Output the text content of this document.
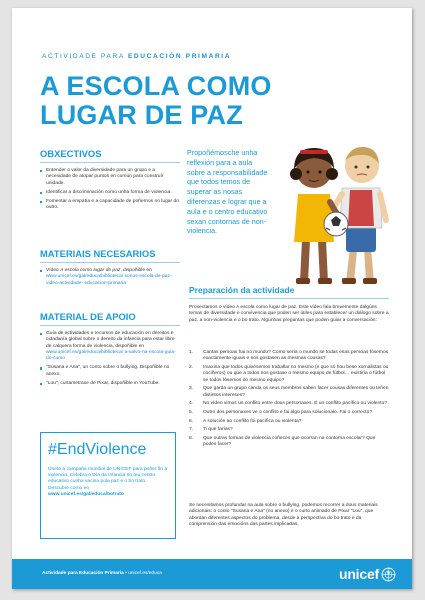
ACTIVIDADE PARA EDUCACIÓN PRIMARIA
A ESCOLA COMO
LUGAR DE PAZ
OBXECTIVOS
Entender o valor da diversidade para un grupo e a necesidade de atopar puntos en común para construír unidade.
Identificar a discriminación como unha forma de violencia.
Fomentar a empatía e a capacidade de poñernos no lugar do outro.
MATERIAIS NECESARIOS
Vídeo A escola como lugar de paz, dispoñible en www.unicef.es/gal/educa/biblioteca/ sonos-escola-de-paz-video-actividade- educacion-primaria
MATERIAL DE APOIO
Guía de actividades e recursos de educación en dereitos e cidadanía global sobre o dereito da infancia para estar libre de calquera forma de violencia, dispoñible en www.unicef.es/gal/educa/biblioteca/ a-salvo-na-escola-guia-do-curso
"Susana e Ana", un conto sobre o bullying. Dispoñible no anexo.
"Lou", curtametraxe de Pixar, dispoñible in YouTube.
#EndViolence
Únete á campaña mundial de UNICEF para poñer fin á violencia. Celebra o Día da Infancia no teu centro educativo cunha vacina pola paz e o bo trato. Descubre como en
www.unicef.es/gal/educa/botrato
Propoñémosche unha reflexión para a aula sobre a responsabilidade que todos temos de superar as nosas diferenzas e lograr que a aula e o centro educativo sexan contornas de non-violencia.
Preparación da actividade

Proxectamos o vídeo A escola como lugar de paz. Este vídeo fala brevemente dalgúns temas de diversidade e convivencia que poden ser útiles para establecer un diálogo sobre a paz, a non-violencia e o bo trato. Algunhas preguntas que poden guiar a conversación:

1. Cantas persoas hai no mundo? Como sería o mundo se todas esas persoas fósemos exactamente iguais e nos gostasen as mesmas cousas?
2. Imaxina que todos quixésemos traballar no mesmo (e que só hou bese xornalistas ou cociñeros) ou que a todos nos gostase o mesmo equipo de fútbol… existiría o fútbol se todos fósemos do mesmo equipo?
3. Que garda un grupo canda os seus membros saben facer cousas diferentes ou teñen distintos intereses?
4. No vídeo vimos un conflito entre dous personaxes. É un conflito pacífico ou violento?
5. Outro dos personaxes ve o conflito e fai algo para solucionalo. Fai o correcto?
6. A solución ao conflito foi pacífica ou violenta?
7. Ti que farías?
8. Que outras formas de violencia coñeces que ocorran na contorna escolar? Que podes facer?

Se necesitamos profundar na aula sobre o bullying, podemos recorrer a dous materiais adicionais: o conto "Susana e Ana" (no anexo) e o curto animado de Pixar "Lou", que abordan diferentes aspectos do problema, desde a perspectiva do bo trato e da comprensión das emocións das partes implicadas.

Actividade para Educación Primaria • unicef.es/educa	unicef
